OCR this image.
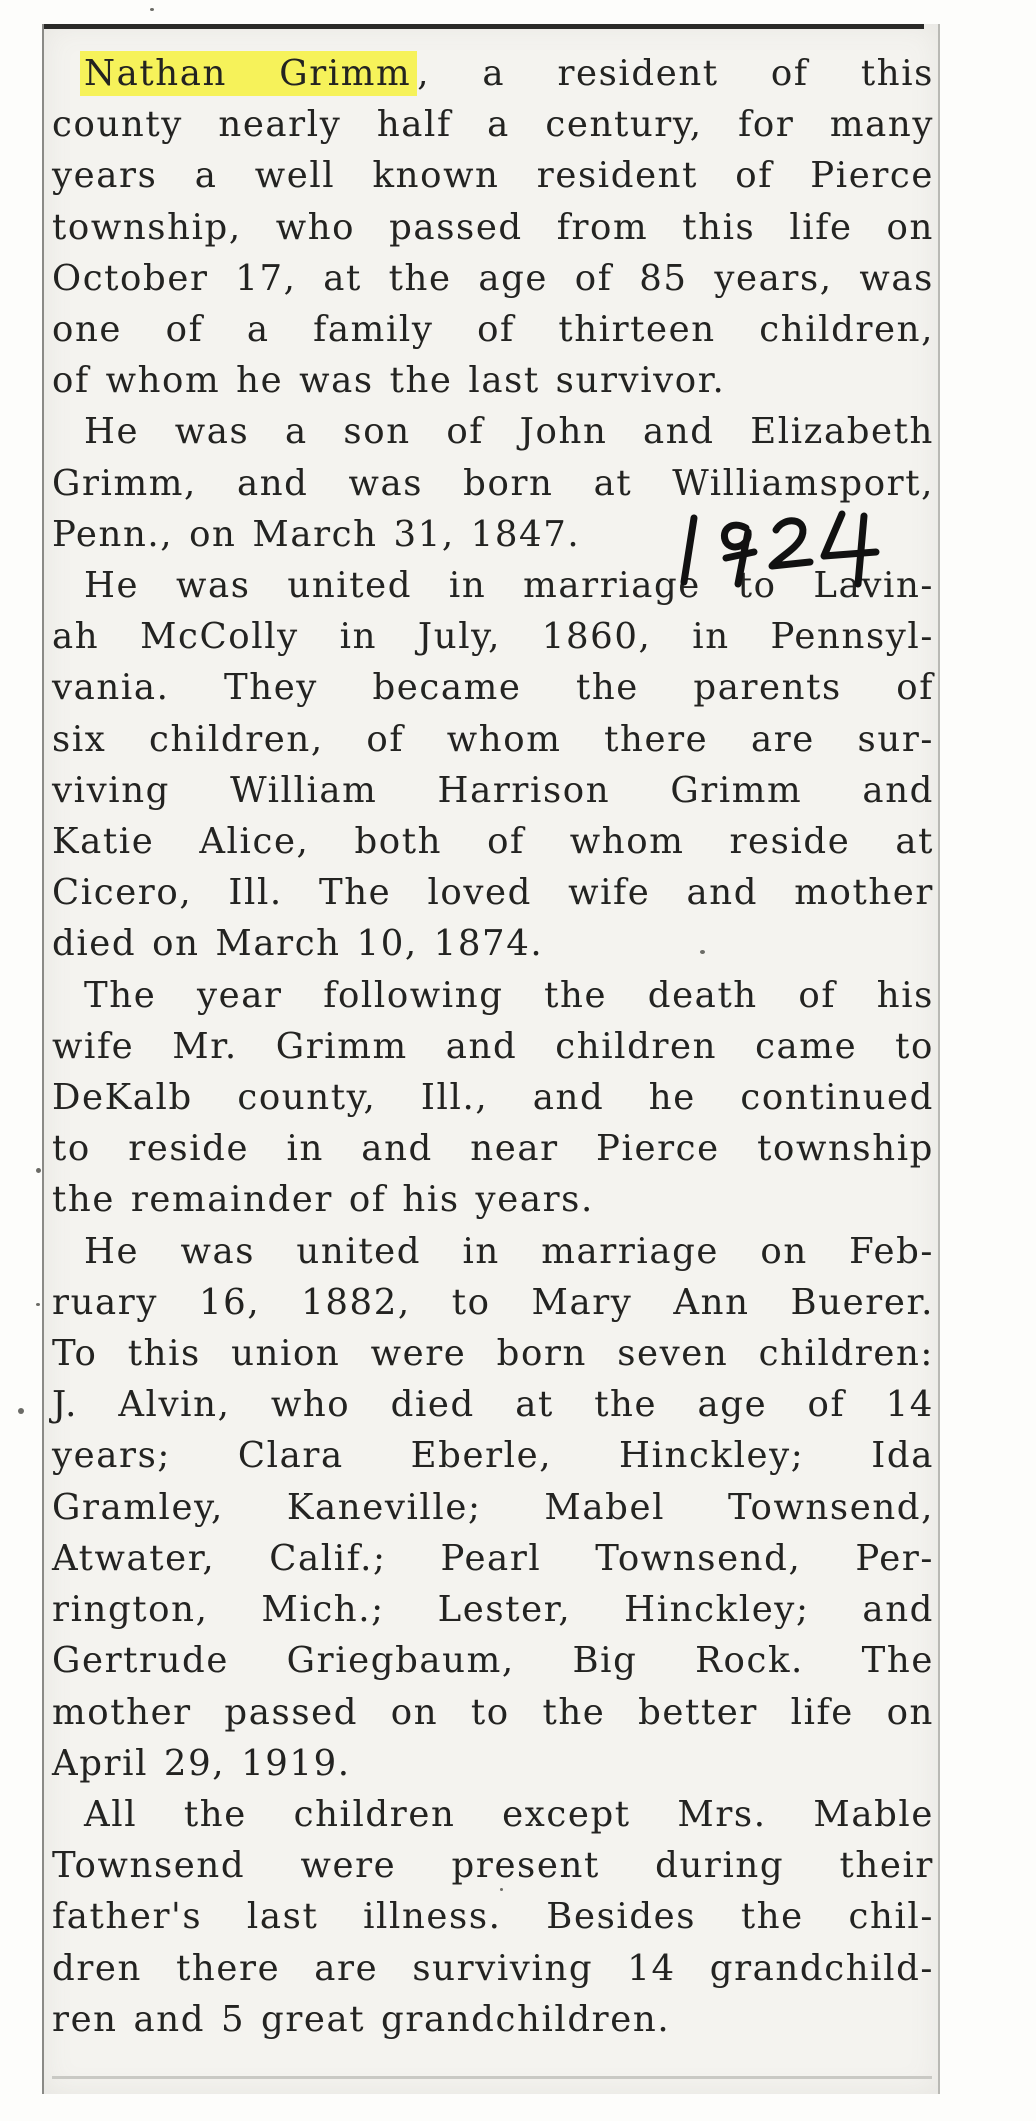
Nathan Grimm , a resident of this
county nearly half a century, for many
years a well known resident of Pierce
township, who passed from this life on
October 17, at the age of 85 years, was
one of a family of thirteen children,
of whom he was the last survivor.

He was a son of John and Elizabeth
Grimm, and was born at Williamsport,
Penn., on March 31, 1847.

He was united in marriage to Lavin-
ah McColly in July, 1860, in Pennsyl-
vania. They became the parents of
six children, of whom there are sur-
viving William Harrison Grimm and
Katie Alice, both of whom reside at
Cicero, Ill. The loved wife and mother
died on March 10, 1874.

The year following the death of his
wife Mr. Grimm and children came to
DeKalb county, Ill., and he continued
to reside in and near Pierce township
the remainder of his years.

He was united in marriage on Feb-
ruary 16, 1882, to Mary Ann Buerer.
To this union were born seven children:
J. Alvin, who died at the age of 14
years; Clara Eberle, Hinckley; Ida
Gramley, Kaneville; Mabel Townsend,
Atwater, Calif.; Pearl Townsend, Per-
rington, Mich.; Lester, Hinckley; and
Gertrude Griegbaum, Big Rock. The
mother passed on to the better life on
April 29, 1919.

All the children except Mrs. Mable
Townsend were present during their
father's last illness. Besides the chil-
dren there are surviving 14 grandchild-
ren and 5 great grandchildren.
